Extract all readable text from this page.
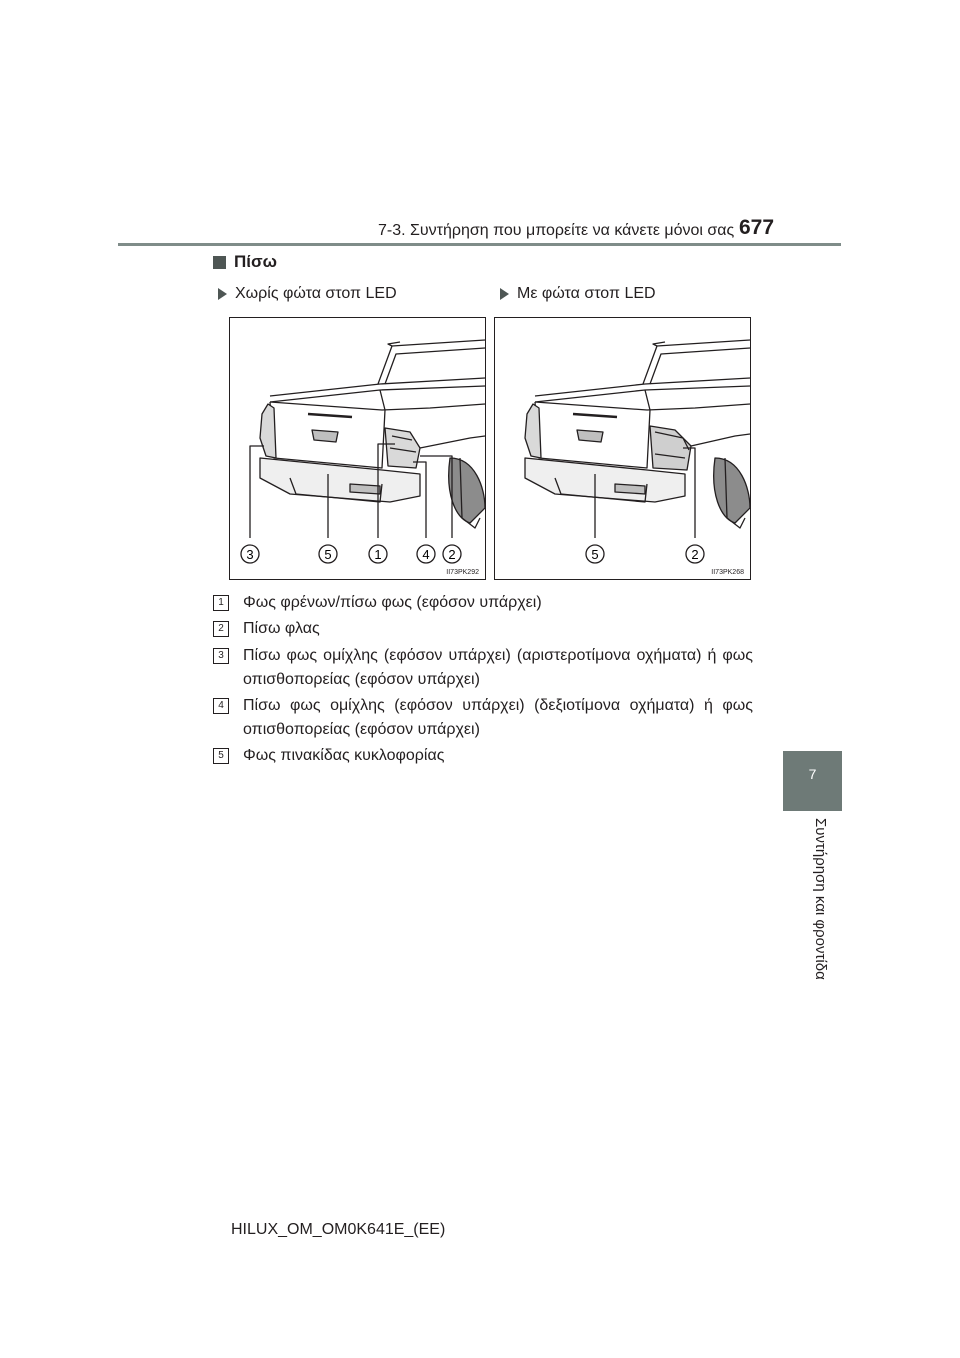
7-3. Συντήρηση που μπορείτε να κάνετε μόνοι σας 677
7
Συντήρηση και φροντίδα
Πίσω
Χωρίς φώτα στοπ LED	Με φώτα στοπ LED
3	5	1	4 2
II73PK292
5	2
II73PK268
1	Φως φρένων/πίσω φως (εφόσον υπάρχει)
2	Πίσω φλας
3	Πίσω φως ομίχλης (εφόσον υπάρχει) (αριστεροτίμονα οχήματα) ή φως οπισθοπορείας (εφόσον υπάρχει)
4	Πίσω φως ομίχλης (εφόσον υπάρχει) (δεξιοτίμονα οχήματα) ή φως οπισθοπορείας (εφόσον υπάρχει)
5	Φως πινακίδας κυκλοφορίας
HILUX_OM_OM0K641E_(EE)
